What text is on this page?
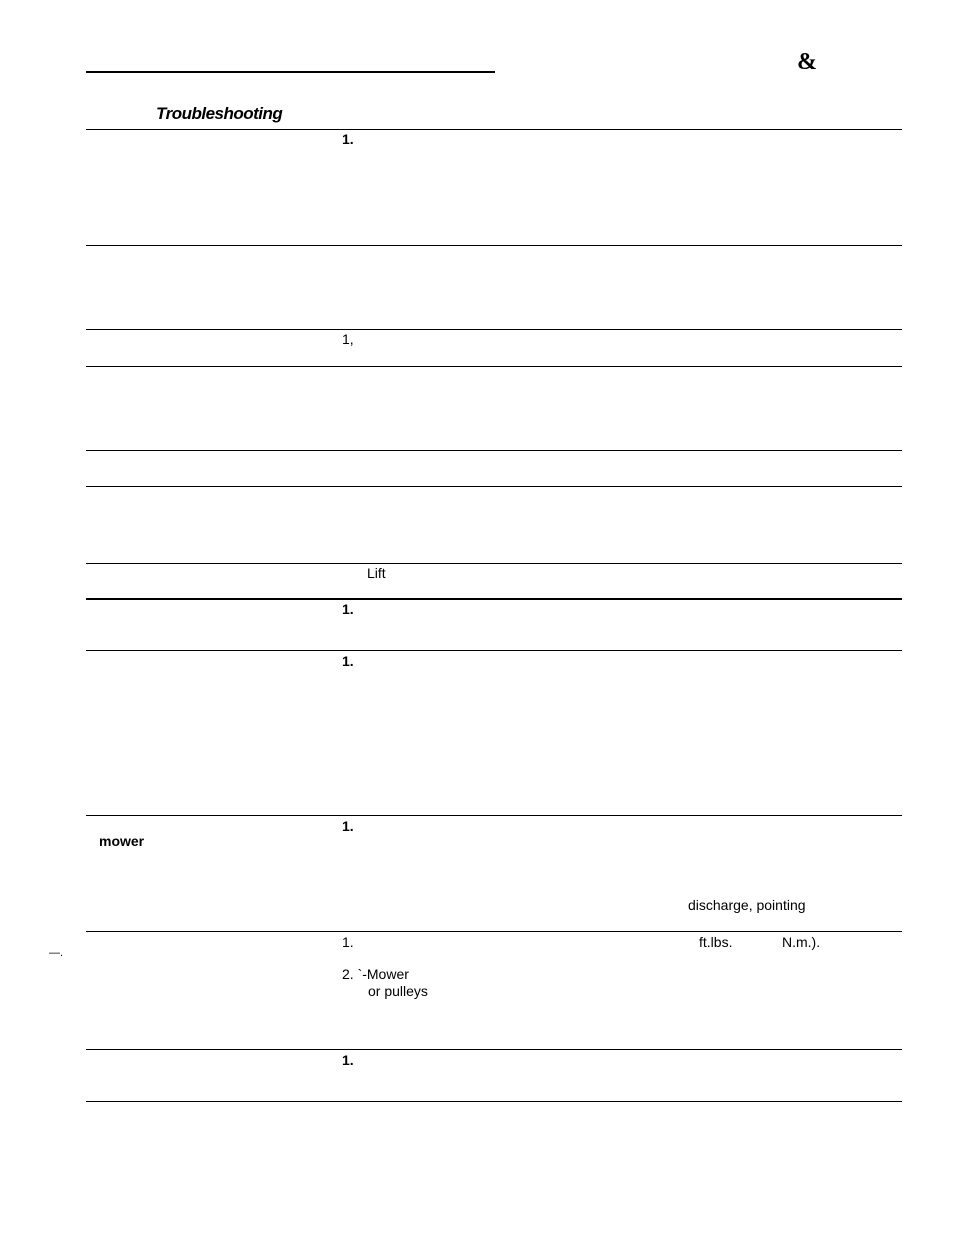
&
Troubleshooting
1.
1,
Lift
1.
1.
1.
mower
discharge, pointing
1.	ft.lbs.	N.m.).
2. `-Mower
or pulleys
—.
1.
